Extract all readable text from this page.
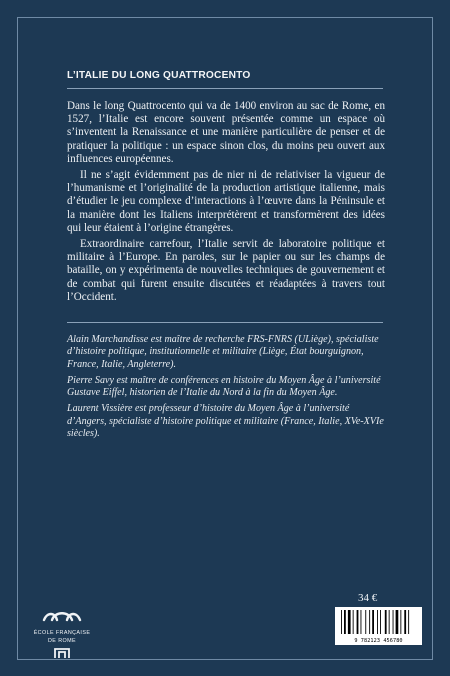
L’ITALIE DU LONG QUATTROCENTO

Dans le long Quattrocento qui va de 1400 environ au sac de Rome, en 1527, l’Italie est encore souvent présentée comme un espace où s’inventent la Renaissance et une manière particulière de penser et de pratiquer la politique : un espace sinon clos, du moins peu ouvert aux influences européennes.

Il ne s’agit évidemment pas de nier ni de relativiser la vigueur de l’humanisme et l’originalité de la production artistique italienne, mais d’étudier le jeu complexe d’interactions à l’œuvre dans la Péninsule et la manière dont les Italiens interprétèrent et transformèrent des idées qui leur étaient à l’origine étrangères.

Extraordinaire carrefour, l’Italie servit de laboratoire politique et militaire à l’Europe. En paroles, sur le papier ou sur les champs de bataille, on y expérimenta de nouvelles techniques de gouvernement et de combat qui furent ensuite discutées et réadaptées à travers tout l’Occident.

Alain Marchandisse est maître de recherche FRS-FNRS (ULiège), spécialiste d’histoire politique, institutionnelle et militaire (Liège, État bourguignon, France, Italie, Angleterre).

Pierre Savy est maître de conférences en histoire du Moyen Âge à l’université Gustave Eiffel, historien de l’Italie du Nord à la fin du Moyen Âge.

Laurent Vissière est professeur d’histoire du Moyen Âge à l’université d’Angers, spécialiste d’histoire politique et militaire (France, Italie, XVe-XVIe siècles).

ÉCOLE FRANÇAISE
DE ROME
34 €
9 782123 456780
